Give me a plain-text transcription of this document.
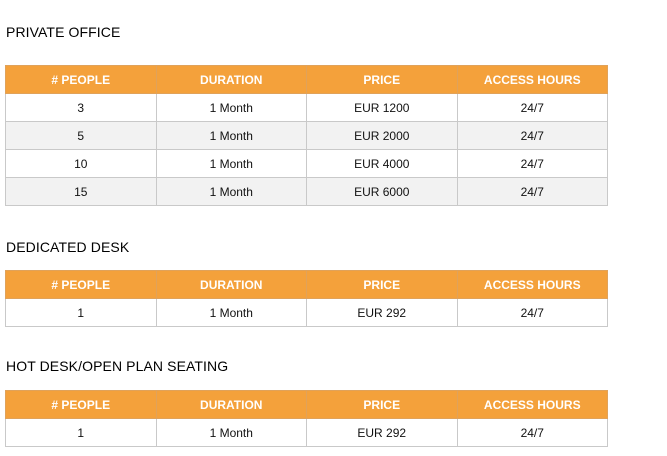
PRIVATE OFFICE
# PEOPLE	DURATION	PRICE	ACCESS HOURS
3	1 Month	EUR 1200	24/7
5	1 Month	EUR 2000	24/7
10	1 Month	EUR 4000	24/7
15	1 Month	EUR 6000	24/7
DEDICATED DESK
# PEOPLE	DURATION	PRICE	ACCESS HOURS
1	1 Month	EUR 292	24/7
HOT DESK/OPEN PLAN SEATING
# PEOPLE	DURATION	PRICE	ACCESS HOURS
1	1 Month	EUR 292	24/7
